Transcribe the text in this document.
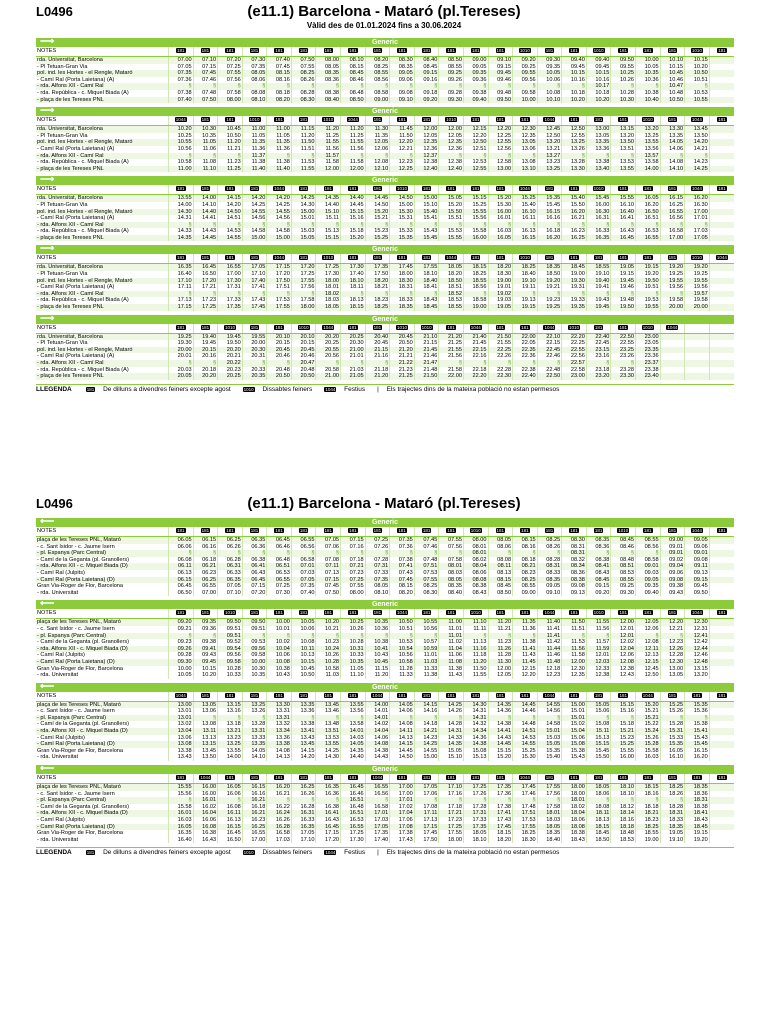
L0496	(e11.1) Barcelona - Mataró (pl.Tereses)
Vàlid des de 01.01.2024 fins a 30.06.2024
⟶	Generic
NOTES	181	181	181	181	181	181	181	181	181	181	181	181	181	181	1010	181	181	1010	181	181	181	1010	181
rda. Universitat, Barcelona	07.00	07.10	07.20	07.30	07.40	07.50	08.00	08.10	08.20	08.30	08.40	08.50	09.00	09.10	09.20	09.30	09.40	09.40	09.50	10.00	10.10	10.15	
- Pl Tetuan-Gran Via	07.05	07.15	07.25	07.35	07.45	07.55	08.05	08.15	08.25	08.35	08.45	08.55	09.05	09.15	09.25	09.35	09.45	09.45	09.55	10.05	10.15	10.20	
pol. ind. les Hortes - el Rengle, Mataró	07.35	07.45	07.55	08.05	08.15	08.25	08.35	08.45	08.55	09.05	09.15	09.25	09.35	09.45	09.55	10.05	10.15	10.15	10.25	10.35	10.45	10.50	
- Camí Ral (Porta Laietana) (A)	07.36	07.46	07.56	08.06	08.16	08.26	08.36	08.46	08.56	09.06	09.16	09.26	09.36	09.46	09.56	10.06	10.16	10.16	10.26	10.36	10.46	10.51	
- rda. Alfons XII - Camí Ral	§	§	§	§	§	§	§	§	§	§	§	§	§	§	§	§	§	10.17	§	§	10.47	§	
- rda. República - c. Miquel Biada (A)	07.38	07.48	07.58	08.08	08.18	08.28	08.38	08.48	08.58	09.08	09.18	09.28	09.38	09.48	09.58	10.08	10.18	10.18	10.28	10.38	10.48	10.53	
- plaça de les Tereses PNL	07.40	07.50	08.00	08.10	08.20	08.30	08.40	08.50	09.00	09.10	09.20	09.30	09.40	09.50	10.00	10.10	10.20	10.20	10.30	10.40	10.50	10.55	
⟶	Generic
NOTES	1044	181	181	1010	181	181	1010	1044	181	181	181	1010	181	181	181	1044	181	181	181	1010	181	1044	181
rda. Universitat, Barcelona	10.20	10.30	10.45	11.00	11.00	11.15	11.20	11.20	11.30	11.45	12.00	12.00	12.15	12.20	12.30	12.45	12.50	13.00	13.15	13.20	13.30	13.45	
- Pl Tetuan-Gran Via	10.25	10.35	10.50	11.05	11.05	11.20	11.25	11.25	11.35	11.50	12.05	12.05	12.20	12.25	12.35	12.50	12.55	13.05	13.20	13.25	13.35	13.50	
pol. ind. les Hortes - el Rengle, Mataró	10.55	11.05	11.20	11.35	11.35	11.50	11.55	11.55	12.05	12.20	12.35	12.35	12.50	12.55	13.05	13.20	13.25	13.35	13.50	13.55	14.05	14.20	
- Camí Ral (Porta Laietana) (A)	10.56	11.06	11.21	11.36	11.36	11.51	11.56	11.56	12.06	12.21	12.36	12.36	12.51	12.56	13.06	13.21	13.26	13.36	13.51	13.56	14.06	14.21	
- rda. Alfons XII - Camí Ral	§	§	§	11.37	§	§	11.57	§	§	§	12.37	§	§	§	§	13.27	§	§	§	13.57	§	§	
- rda. República - c. Miquel Biada (A)	10.58	11.08	11.23	11.38	11.38	11.53	11.58	11.58	12.08	12.23	12.38	12.38	12.53	12.58	13.08	13.23	13.28	13.38	13.53	13.58	14.08	14.23	
- plaça de les Tereses PNL	11.00	11.10	11.25	11.40	11.40	11.55	12.00	12.00	12.10	12.25	12.40	12.40	12.55	13.00	13.10	13.25	13.30	13.40	13.55	14.00	14.10	14.25	
⟶	Generic
NOTES	181	181	181	181	1044	181	181	181	181	1010	181	181	181	181	1044	181	181	1010	181	181	181	1044	181
rda. Universitat, Barcelona	13.55	14.00	14.15	14.20	14.20	14.25	14.35	14.40	14.45	14.50	15.00	15.05	15.15	15.20	15.25	15.35	15.40	15.45	15.55	16.05	16.15	16.20	
- Pl Tetuan-Gran Via	14.00	14.10	14.20	14.25	14.25	14.30	14.40	14.45	14.50	15.00	15.10	15.20	15.25	15.30	15.40	15.45	15.50	16.00	16.10	16.20	16.25	16.30	
pol. ind. les Hortes - el Rengle, Mataró	14.30	14.40	14.50	14.55	14.55	15.00	15.10	15.15	15.20	15.30	15.40	15.50	15.55	16.00	16.10	16.15	16.20	16.30	16.40	16.50	16.55	17.00	
- Camí Ral (Porta Laietana) (A)	14.31	14.41	14.51	14.56	14.56	15.01	15.11	15.16	15.21	15.31	15.41	15.51	15.56	16.01	16.11	16.16	16.21	16.31	16.41	16.51	16.56	17.01	
- rda. Alfons XII - Camí Ral	§	§	§	§	§	§	§	§	§	§	§	§	§	§	§	§	§	§	§	§	§	§	
- rda. República - c. Miquel Biada (A)	14.33	14.43	14.53	14.58	14.58	15.03	15.13	15.18	15.23	15.33	15.43	15.53	15.58	16.03	16.13	16.18	16.23	16.33	16.43	16.53	16.58	17.03	
- plaça de les Tereses PNL	14.35	14.45	14.55	15.00	15.00	15.05	15.15	15.20	15.25	15.35	15.45	15.55	16.00	16.05	16.15	16.20	16.25	16.35	16.45	16.55	17.00	17.05	
⟶	Generic
NOTES	181	181	181	181	1044	181	1010	181	181	181	181	1044	181	181	1010	181	181	181	181	181	181	1010	1044
rda. Universitat, Barcelona	16.35	16.45	16.55	17.05	17.15	17.20	17.25	17.30	17.35	17.45	17.55	18.05	18.15	18.20	18.25	18.35	18.45	18.55	19.05	19.15	19.20	19.20	
- Pl Tetuan-Gran Via	16.40	16.50	17.00	17.10	17.20	17.25	17.30	17.40	17.50	18.00	18.10	18.20	18.25	18.30	18.40	18.50	19.00	19.10	19.15	19.20	19.25	19.25	
pol. ind. les Hortes - el Rengle, Mataró	17.10	17.20	17.30	17.40	17.50	17.55	18.00	18.10	18.20	18.30	18.40	18.50	18.55	19.00	19.10	19.20	19.30	19.40	19.45	19.50	19.55	19.55	
- Camí Ral (Porta Laietana) (A)	17.11	17.21	17.31	17.41	17.51	17.56	18.01	18.11	18.21	18.31	18.41	18.51	18.56	19.01	19.11	19.21	19.31	19.41	19.46	19.51	19.56	19.56	
- rda. Alfons XII - Camí Ral	§	§	§	§	§	§	18.02	§	§	§	§	18.52	§	19.02	§	§	§	§	§	§	§	19.57	
- rda. República - c. Miquel Biada (A)	17.13	17.23	17.33	17.43	17.53	17.58	18.03	18.13	18.23	18.33	18.43	18.53	18.58	19.03	19.13	19.23	19.33	19.43	19.48	19.53	19.58	19.58	
- plaça de les Tereses PNL	17.15	17.25	17.35	17.45	17.55	18.00	18.05	18.15	18.25	18.35	18.45	18.55	19.00	19.05	19.15	19.25	19.35	19.45	19.50	19.55	20.00	20.00	
⟶	Generic
NOTES	181	181	1010	181	181	1010	1044	181	181	1010	1010	181	1044	181	181	1044	1010	181	181	1010	1044		
rda. Universitat, Barcelona	19.25	19.40	19.45	19.55	20.10	20.10	20.20	20.25	20.40	20.45	21.10	21.20	21.40	21.50	22.00	22.10	22.20	22.40	22.50	23.00			
- Pl Tetuan-Gran Via	19.30	19.45	19.50	20.00	20.15	20.15	20.25	20.30	20.45	20.50	21.15	21.25	21.45	21.55	22.05	22.15	22.25	22.45	22.55	23.05			
pol. ind. les Hortes - el Rengle, Mataró	20.00	20.15	20.20	20.30	20.45	20.45	20.55	21.00	21.15	21.20	21.45	21.55	22.15	22.25	22.35	22.45	22.55	23.15	23.25	23.35			
- Camí Ral (Porta Laietana) (A)	20.01	20.16	20.21	20.31	20.46	20.46	20.56	21.01	21.16	21.21	21.46	21.56	22.16	22.26	22.36	22.46	22.56	23.16	23.26	23.36			
- rda. Alfons XII - Camí Ral	§	§	20.22	§	§	20.47	§	§	§	21.22	21.47	§	§	§	§	§	22.57	§	§	23.37			
- rda. República - c. Miquel Biada (A)	20.03	20.18	20.23	20.33	20.48	20.48	20.58	21.03	21.18	21.23	21.48	21.58	22.18	22.28	22.38	22.48	22.58	23.18	23.28	23.38			
- plaça de les Tereses PNL	20.05	20.20	20.25	20.35	20.50	20.50	21.00	21.05	21.20	21.25	21.50	22.00	22.20	22.30	22.40	22.50	23.00	23.20	23.30	23.40			
LLEGENDA	181 De dilluns a divendres feiners excepte agost	1010 Dissabtes feiners	1044 Festius | Els trajectes dins de la mateixa població no estan permesos
L0496	(e11.1) Barcelona - Mataró (pl.Tereses)
⟵	Generic
NOTES	181	181	181	181	181	181	181	181	181	181	181	181	1010	181	181	181	181	181	1010	181	181	1044	181
plaça de les Tereses PNL, Mataró	06.05	06.15	06.25	06.35	06.45	06.55	07.05	07.15	07.25	07.35	07.45	07.55	08.00	08.05	08.15	08.25	08.30	08.35	08.45	08.55	09.00	09.05	
- c. Sant Isidor - c. Jaume Isern	06.06	06.16	06.26	06.36	06.46	06.56	07.06	07.16	07.26	07.36	07.46	07.56	08.01	08.06	08.16	08.26	08.31	08.36	08.46	08.56	09.01	09.06	
- pl. Espanya (Parc Central)	§	§	§	§	§	§	§	§	§	§	§	§	08.01	§	§	§	08.31	§	§	§	09.01	09.01	
- Camí de la Gegantа (pl. Granollers)	06.08	06.18	06.28	06.38	06.48	06.58	07.08	07.18	07.28	07.38	07.48	07.58	08.02	08.08	08.18	08.28	08.32	08.38	08.48	08.58	09.02	09.08	
- rda. Alfons XII - c. Miquel Biada (D)	06.11	06.21	06.31	06.41	06.51	07.01	07.11	07.21	07.31	07.41	07.51	08.01	08.04	08.11	08.21	08.31	08.34	08.41	08.51	09.01	09.04	09.11	
- Camí Ral (Julpits)	06.13	06.23	06.33	06.43	06.53	07.03	07.13	07.23	07.33	07.43	07.53	08.03	08.06	08.13	08.23	08.33	08.36	08.43	08.53	09.03	09.06	09.13	
- Camí Ral (Porta Laietana) (D)	06.15	06.25	06.35	06.45	06.55	07.05	07.15	07.25	07.35	07.45	07.55	08.05	08.08	08.15	08.25	08.35	08.38	08.45	08.55	09.05	09.08	09.15	
Gran Via-Roger de Flor, Barcelona	06.45	06.55	07.05	07.15	07.25	07.35	07.45	07.55	08.05	08.15	08.25	08.35	08.38	08.45	08.55	09.05	09.08	09.15	09.25	09.35	09.38	09.45	
- rda. Universitat	06.50	07.00	07.10	07.20	07.30	07.40	07.50	08.00	08.10	08.20	08.30	08.40	08.43	08.50	09.00	09.10	09.13	09.20	09.30	09.40	09.43	09.50	
⟵	Generic
NOTES	181	181	1010	181	181	181	181	181	181	1044	181	181	1010	181	181	1044	181	1010	181	181	181	1044	181
plaça de les Tereses PNL, Mataró	09.20	09.35	09.50	09.50	10.00	10.05	10.20	10.25	10.35	10.50	10.55	11.00	11.10	11.20	11.35	11.40	11.50	11.55	12.00	12.05	12.20	12.30	
- c. Sant Isidor - c. Jaume Isern	09.21	09.36	09.51	09.51	10.01	10.06	10.21	10.26	10.36	10.51	10.56	11.01	11.11	11.21	11.36	11.41	11.51	11.56	12.01	12.06	12.21	12.31	
- pl. Espanya (Parc Central)	§	§	09.51	§	§	§	§	§	§	§	§	11.01	§	§	§	11.41	§	§	12.01	§	§	12.41	
- Camí de la Gegantа (pl. Granollers)	09.23	09.38	09.52	09.53	10.02	10.08	10.23	10.28	10.38	10.53	10.57	11.02	11.13	11.23	11.38	11.42	11.53	11.57	12.02	12.08	12.23	12.42	
- rda. Alfons XII - c. Miquel Biada (D)	09.26	09.41	09.54	09.56	10.04	10.11	10.24	10.31	10.41	10.54	10.59	11.04	11.16	11.26	11.41	11.44	11.56	11.59	12.04	12.11	12.26	12.44	
- Camí Ral (Julpits)	09.28	09.43	09.56	09.58	10.06	10.13	10.26	10.33	10.43	10.56	11.01	11.06	11.18	11.28	11.43	11.46	11.58	12.01	12.06	12.13	12.28	12.46	
- Camí Ral (Porta Laietana) (D)	09.30	09.45	09.58	10.00	10.08	10.15	10.28	10.35	10.45	10.58	11.03	11.08	11.20	11.30	11.45	11.48	12.00	12.03	12.08	12.15	12.30	12.48	
Gran Via-Roger de Flor, Barcelona	10.00	10.15	10.28	10.30	10.38	10.45	10.58	11.05	11.15	11.28	11.33	11.38	11.50	12.00	12.15	12.18	12.30	12.33	12.38	12.45	13.00	13.15	
- rda. Universitat	10.05	10.20	10.33	10.35	10.43	10.50	11.03	11.10	11.20	11.33	11.38	11.43	11.55	12.05	12.20	12.23	12.35	12.38	12.43	12.50	13.05	13.20	
⟵	Generic
NOTES	1044	181	181	181	181	181	181	181	1044	181	181	181	181	181	181	1044	181	181	181	1044	181	181	181
plaça de les Tereses PNL, Mataró	13.00	13.05	13.15	13.25	13.30	13.35	13.45	13.55	14.00	14.05	14.15	14.25	14.30	14.35	14.45	14.55	15.00	15.05	15.15	15.20	15.25	15.35	
- c. Sant Isidor - c. Jaume Isern	13.01	13.06	13.16	13.26	13.31	13.36	13.46	13.56	14.01	14.06	14.16	14.26	14.31	14.36	14.46	14.56	15.01	15.06	15.16	15.21	15.26	15.36	
- pl. Espanya (Parc Central)	13.01	§	§	§	13.31	§	§	§	14.01	§	§	§	14.31	§	§	§	15.01	§	§	15.21	§	§	
- Camí de la Gegantа (pl. Granollers)	13.02	13.08	13.18	13.28	13.32	13.38	13.48	13.58	14.02	14.08	14.18	14.28	14.32	14.38	14.48	14.58	15.02	15.08	15.18	15.22	15.28	15.38	
- rda. Alfons XII - c. Miquel Biada (D)	13.04	13.11	13.21	13.31	13.34	13.41	13.51	14.01	14.04	14.11	14.21	14.31	14.34	14.41	14.51	15.01	15.04	15.11	15.21	15.24	15.31	15.41	
- Camí Ral (Julpits)	13.06	13.13	13.23	13.33	13.36	13.43	13.53	14.03	14.06	14.13	14.23	14.33	14.36	14.43	14.53	15.03	15.06	15.13	15.23	15.26	15.33	15.43	
- Camí Ral (Porta Laietana) (D)	13.08	13.15	13.25	13.35	13.38	13.45	13.55	14.05	14.08	14.15	14.25	14.35	14.38	14.45	14.55	15.05	15.08	15.15	15.25	15.28	15.35	15.45	
Gran Via-Roger de Flor, Barcelona	13.38	13.45	13.55	14.05	14.08	14.15	14.25	14.35	14.38	14.45	14.55	15.05	15.08	15.15	15.25	15.35	15.38	15.45	15.55	15.58	16.05	16.15	
- rda. Universitat	13.43	13.50	14.00	14.10	14.13	14.20	14.30	14.40	14.43	14.50	15.00	15.10	15.13	15.20	15.30	15.40	15.43	15.50	16.00	16.03	16.10	16.20	
⟵	Generic
NOTES	181	1044	181	181	181	181	181	181	1044	181	181	181	181	181	1044	181	181	181	181	181	181	181	181
plaça de les Tereses PNL, Mataró	15.55	16.00	16.05	16.15	16.20	16.25	16.35	16.45	16.55	17.00	17.05	17.10	17.25	17.35	17.45	17.55	18.00	18.05	18.10	18.15	18.25	18.35	
- c. Sant Isidor - c. Jaume Isern	15.56	16.00	16.06	16.16	16.21	16.26	16.36	16.46	16.56	17.00	17.06	17.16	17.26	17.36	17.46	17.56	18.00	18.06	18.10	18.16	18.26	18.36	
- pl. Espanya (Parc Central)	§	16.01	§	16.21	§	§	§	16.51	§	17.01	§	§	§	§	§	§	18.01	§	§	§	§	18.31	
- Camí de la Gegantа (pl. Granollers)	15.58	16.02	16.08	16.18	16.22	16.28	16.38	16.48	16.58	17.02	17.08	17.18	17.28	17.38	17.48	17.58	18.02	18.08	18.12	18.18	18.28	18.38	
- rda. Alfons XII - c. Miquel Biada (D)	16.01	16.04	16.11	16.21	16.24	16.31	16.41	16.51	17.01	17.04	17.11	17.21	17.31	17.41	17.51	18.01	18.04	18.11	18.14	18.21	18.31	18.41	
- Camí Ral (Julpits)	16.03	16.06	16.13	16.23	16.26	16.33	16.43	16.53	17.03	17.06	17.13	17.23	17.33	17.43	17.53	18.03	18.06	18.13	18.16	18.23	18.33	18.43	
- Camí Ral (Porta Laietana) (D)	16.05	16.08	16.15	16.25	16.28	16.35	16.45	16.55	17.05	17.08	17.15	17.25	17.35	17.45	17.55	18.05	18.08	18.15	18.18	18.25	18.35	18.45	
Gran Via-Roger de Flor, Barcelona	16.35	16.38	16.45	16.55	16.58	17.05	17.15	17.25	17.35	17.38	17.45	17.55	18.05	18.15	18.25	18.35	18.38	18.45	18.48	18.55	19.05	19.15	
- rda. Universitat	16.40	16.43	16.50	17.00	17.03	17.10	17.20	17.30	17.40	17.43	17.50	18.00	18.10	18.20	18.30	18.40	18.43	18.50	18.53	19.00	19.10	19.20	
LLEGENDA	181 De dilluns a divendres feiners excepte agost	1010 Dissabtes feiners	1044 Festius | Els trajectes dins de la mateixa població no estan permesos
